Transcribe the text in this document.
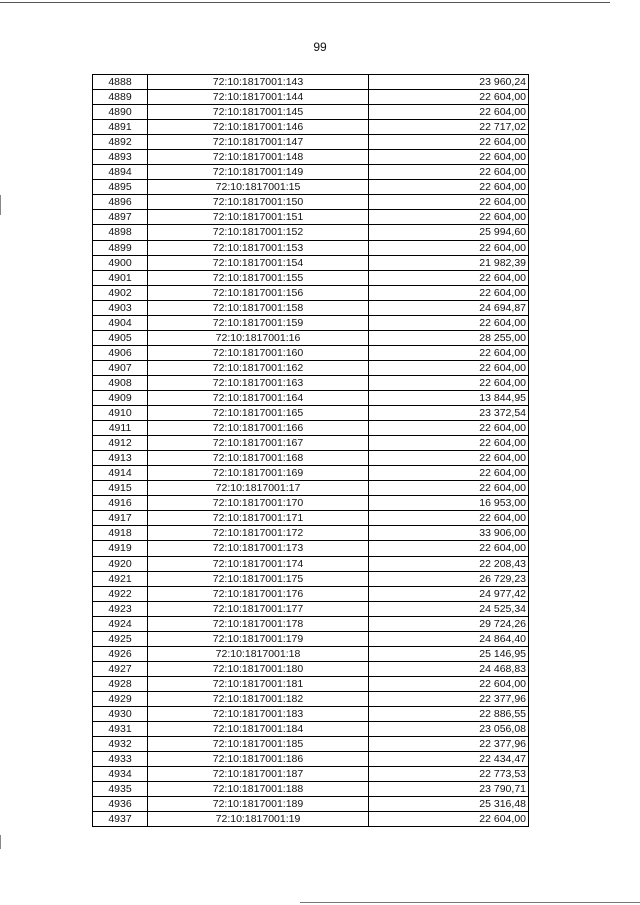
99
4888	72:10:1817001:143	23 960,24
4889	72:10:1817001:144	22 604,00
4890	72:10:1817001:145	22 604,00
4891	72:10:1817001:146	22 717,02
4892	72:10:1817001:147	22 604,00
4893	72:10:1817001:148	22 604,00
4894	72:10:1817001:149	22 604,00
4895	72:10:1817001:15	22 604,00
4896	72:10:1817001:150	22 604,00
4897	72:10:1817001:151	22 604,00
4898	72:10:1817001:152	25 994,60
4899	72:10:1817001:153	22 604,00
4900	72:10:1817001:154	21 982,39
4901	72:10:1817001:155	22 604,00
4902	72:10:1817001:156	22 604,00
4903	72:10:1817001:158	24 694,87
4904	72:10:1817001:159	22 604,00
4905	72:10:1817001:16	28 255,00
4906	72:10:1817001:160	22 604,00
4907	72:10:1817001:162	22 604,00
4908	72:10:1817001:163	22 604,00
4909	72:10:1817001:164	13 844,95
4910	72:10:1817001:165	23 372,54
4911	72:10:1817001:166	22 604,00
4912	72:10:1817001:167	22 604,00
4913	72:10:1817001:168	22 604,00
4914	72:10:1817001:169	22 604,00
4915	72:10:1817001:17	22 604,00
4916	72:10:1817001:170	16 953,00
4917	72:10:1817001:171	22 604,00
4918	72:10:1817001:172	33 906,00
4919	72:10:1817001:173	22 604,00
4920	72:10:1817001:174	22 208,43
4921	72:10:1817001:175	26 729,23
4922	72:10:1817001:176	24 977,42
4923	72:10:1817001:177	24 525,34
4924	72:10:1817001:178	29 724,26
4925	72:10:1817001:179	24 864,40
4926	72:10:1817001:18	25 146,95
4927	72:10:1817001:180	24 468,83
4928	72:10:1817001:181	22 604,00
4929	72:10:1817001:182	22 377,96
4930	72:10:1817001:183	22 886,55
4931	72:10:1817001:184	23 056,08
4932	72:10:1817001:185	22 377,96
4933	72:10:1817001:186	22 434,47
4934	72:10:1817001:187	22 773,53
4935	72:10:1817001:188	23 790,71
4936	72:10:1817001:189	25 316,48
4937	72:10:1817001:19	22 604,00
